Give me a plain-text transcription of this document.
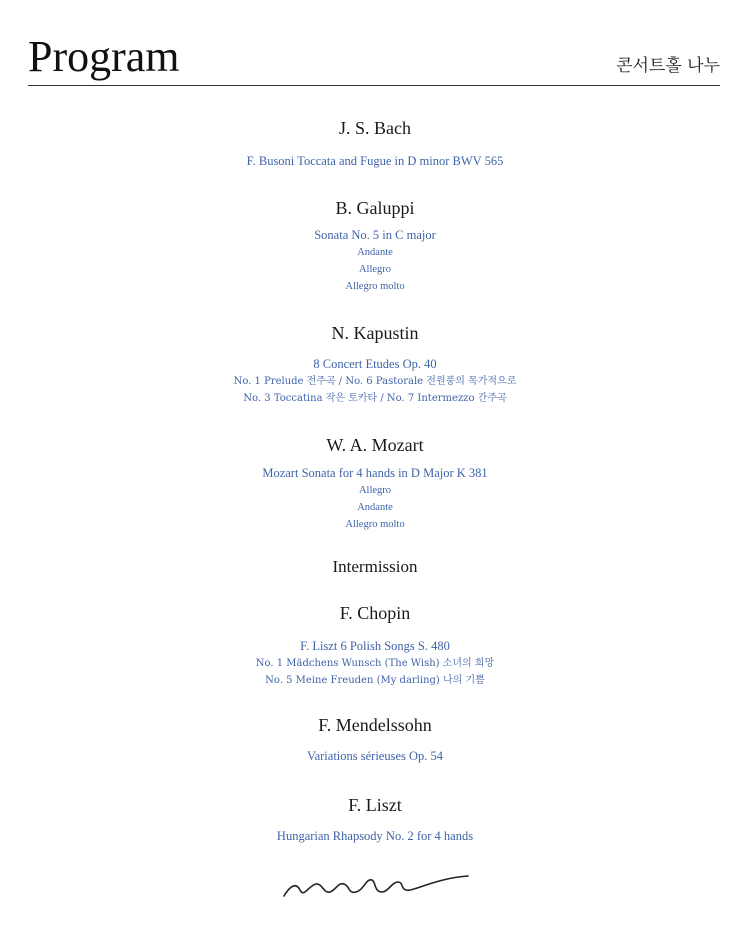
Program	콘서트홀 나누

J. S. Bach

F. Busoni Toccata and Fugue in D minor BWV 565

B. Galuppi

Sonata No. 5 in C major

Andante

Allegro

Allegro molto

N. Kapustin

8 Concert Etudes Op. 40

No. 1 Prelude 전주곡 / No. 6 Pastorale 전원풍의 목가적으로

No. 3 Toccatina 작은 토카타 / No. 7 Intermezzo 간주곡

W. A. Mozart

Mozart Sonata for 4 hands in D Major K 381

Allegro

Andante

Allegro molto

Intermission

F. Chopin

F. Liszt 6 Polish Songs S. 480

No. 1 Mädchens Wunsch (The Wish) 소녀의 희망

No. 5 Meine Freuden (My darling) 나의 기쁨

F. Mendelssohn

Variations sérieuses Op. 54

F. Liszt

Hungarian Rhapsody No. 2 for 4 hands
